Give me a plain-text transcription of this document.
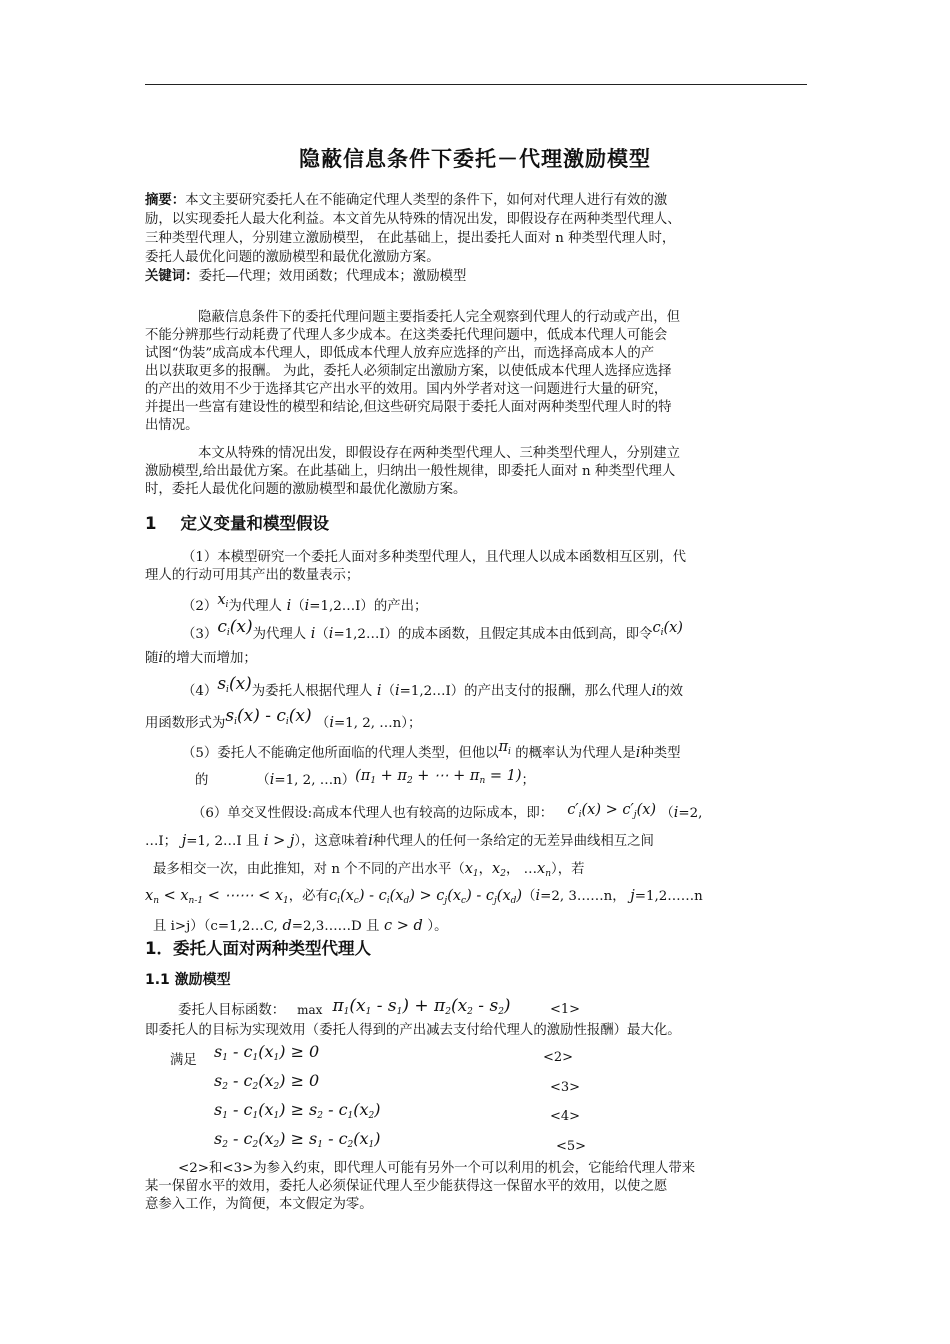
隐蔽信息条件下委托－代理激励模型
摘要：本文主要研究委托人在不能确定代理人类型的条件下，如何对代理人进行有效的激
励，以实现委托人最大化利益。本文首先从特殊的情况出发，即假设存在两种类型代理人、
三种类型代理人，分别建立激励模型， 在此基础上，提出委托人面对 n 种类型代理人时，
委托人最优化问题的激励模型和最优化激励方案。
关键词：委托—代理；效用函数；代理成本；激励模型
隐蔽信息条件下的委托代理问题主要指委托人完全观察到代理人的行动或产出，但
不能分辨那些行动耗费了代理人多少成本。在这类委托代理问题中，低成本代理人可能会
试图“伪装”成高成本代理人，即低成本代理人放弃应选择的产出，而选择高成本人的产
出以获取更多的报酬。 为此，委托人必须制定出激励方案，以使低成本代理人选择应选择
的产出的效用不少于选择其它产出水平的效用。国内外学者对这一问题进行大量的研究，
并提出一些富有建设性的模型和结论,但这些研究局限于委托人面对两种类型代理人时的特
出情况。
本文从特殊的情况出发，即假设存在两种类型代理人、三种类型代理人，分别建立
激励模型,给出最优方案。在此基础上，归纳出一般性规律，即委托人面对 n 种类型代理人
时，委托人最优化问题的激励模型和最优化激励方案。
1 定义变量和模型假设
（1）本模型研究一个委托人面对多种类型代理人，且代理人以成本函数相互区别，代
理人的行动可用其产出的数量表示；
$(2)x_i$为代理人 i（i=1,2…I）的产出；
$(3)c_i(x)$为代理人 i（i=1,2…I）的成本函数，且假定其成本由低到高，即令$c_i(x)$
随i的增大而增加；
$(4)s_i(x)$为委托人根据代理人 i（i=1,2…I）的产出支付的报酬，那么代理人i的效
用函数形式为$s_i(x) - c_i(x)$ （i=1, 2, …n）；
（5）委托人不能确定他所面临的代理人类型，但他以$\pi_i$ 的概率认为代理人是i种类型
的	（i=1, 2, $\dots n)(\pi_1 + \pi_2$ + ⋯ + $\pi_n = 1$)；
（6）单交叉性假设:高成本代理人也有较高的边际成本，即： $c'_i(x) > c'_j(x)$ （i=2,
…I； j=1, 2…I 且 i > j），这意味着i种代理人的任何一条给定的无差异曲线相互之间
最多相交一次，由此推知，对 n 个不同的产出水平（$x_1$，$x_2$， $\dots x_n$），若
$x_n < x_{n-1}$ < ⋯⋯ < $x_1$，必有$c_i(x_c) - c_i(x_d) > c_j(x_c) - c_j(x_d)(i=2$, 3……n， j=1,2……n
且 i>j）（c=1,2…C, d=2,3……D 且 c > d ）。
1．委托人面对两种类型代理人
1.1 激励模型
委托人目标函数： $\max \pi_1(x_1 - s_1) + \pi_2(x_2 - s_2)$	<1>
即委托人的目标为实现效用（委托人得到的产出减去支付给代理人的激励性报酬）最大化。
满足 $s_1 - c_1(x_1) \ge 0$	<2>
$s_2 - c_2(x_2) \ge 0$	<3>
$s_1 - c_1(x_1) \ge s_2 - c_1(x_2)$	<4>
$s_2 - c_2(x_2) \ge s_1 - c_2(x_1)$	<5>
<2>和<3>为参入约束，即代理人可能有另外一个可以利用的机会，它能给代理人带来
某一保留水平的效用，委托人必须保证代理人至少能获得这一保留水平的效用，以使之愿
意参入工作，为简便，本文假定为零。
